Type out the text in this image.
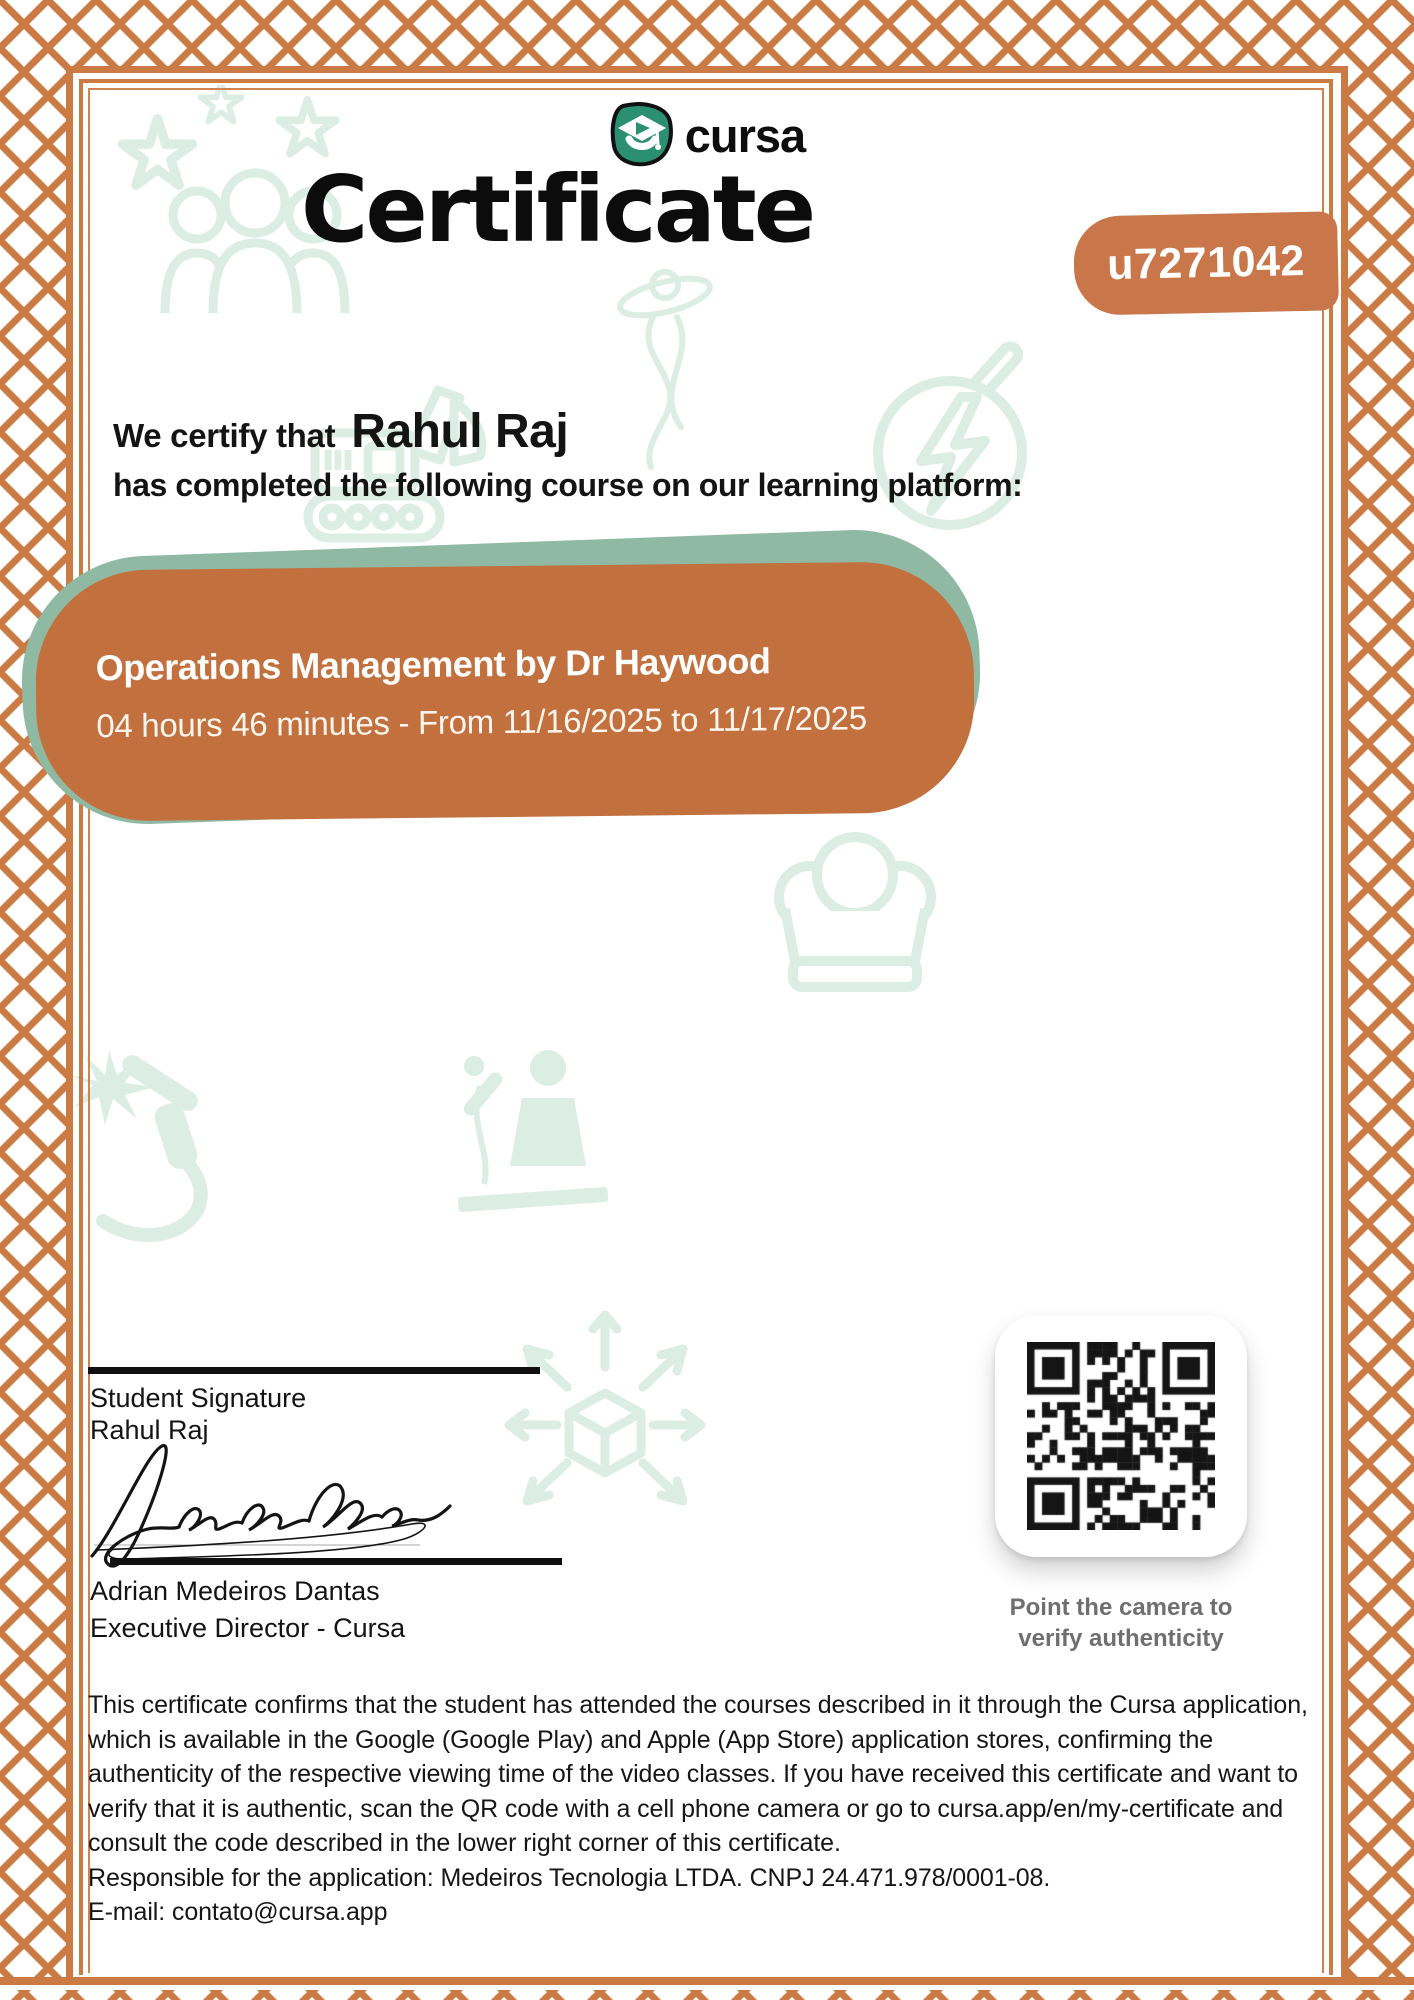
cursa
Certificate
u7271042
We certify that Rahul Raj
has completed the following course on our learning platform:
Operations Management by Dr Haywood
04 hours 46 minutes - From 11/16/2025 to 11/17/2025
Student Signature
Rahul Raj
Adrian Medeiros Dantas
Executive Director - Cursa
Point the camera to
verify authenticity
This certificate confirms that the student has attended the courses described in it through the Cursa application, which is available in the Google (Google Play) and Apple (App Store) application stores, confirming the authenticity of the respective viewing time of the video classes. If you have received this certificate and want to verify that it is authentic, scan the QR code with a cell phone camera or go to cursa.app/en/my-certificate and consult the code described in the lower right corner of this certificate.
Responsible for the application: Medeiros Tecnologia LTDA. CNPJ 24.471.978/0001-08.
E-mail: contato@cursa.app
